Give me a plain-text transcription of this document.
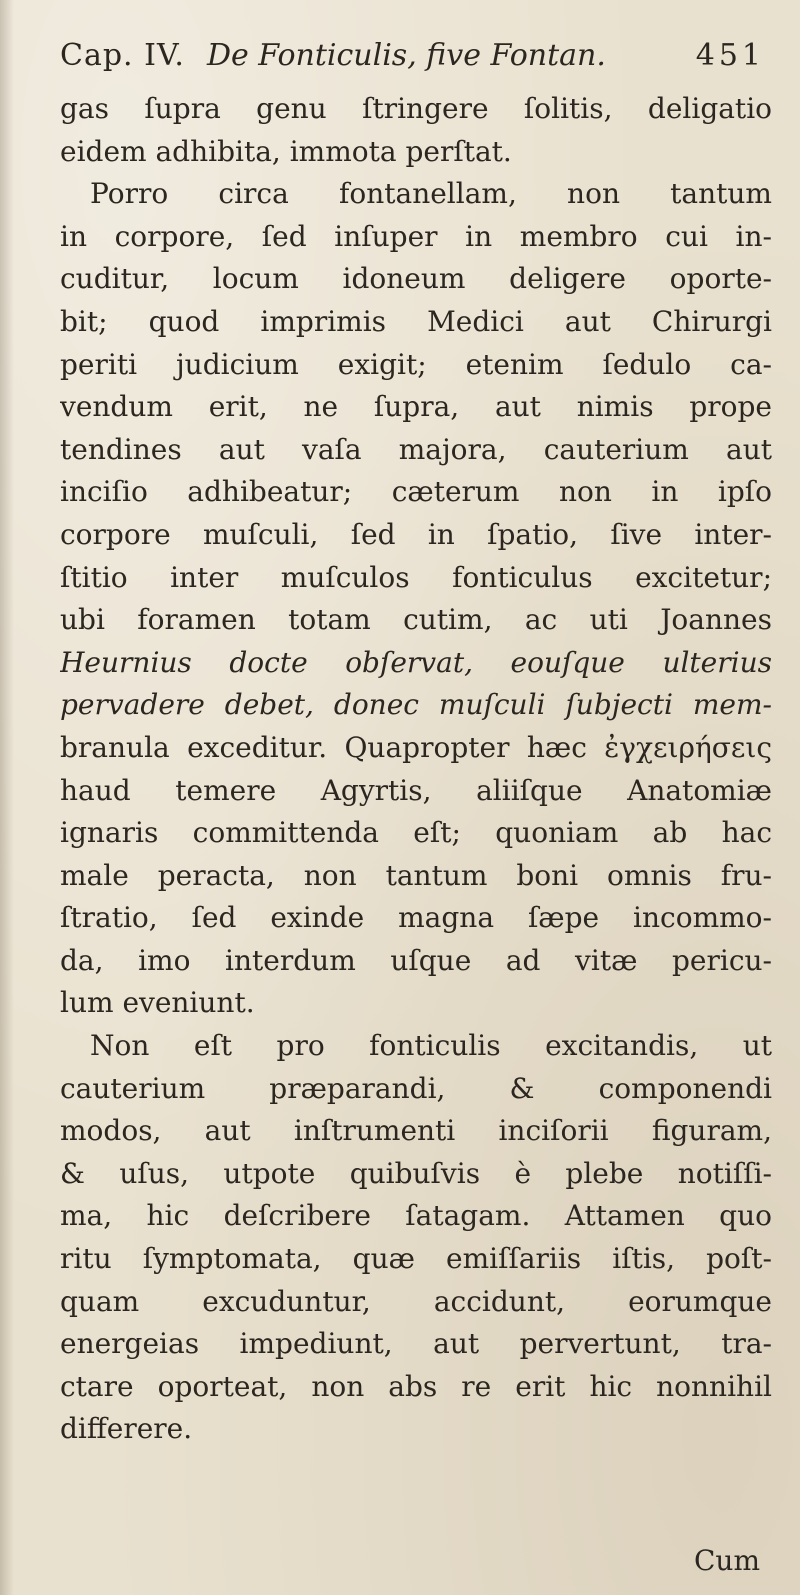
Cap. IV. De Fonticulis, five Fontan.	451
gas ſupra genu ſtringere ſolitis, deligatio
eidem adhibita, immota perſtat.
Porro circa fontanellam, non tantum
in corpore, ſed inſuper in membro cui in-
cuditur, locum idoneum deligere oporte-
bit; quod imprimis Medici aut Chirurgi
periti judicium exigit; etenim ſedulo ca-
vendum erit, ne ſupra, aut nimis prope
tendines aut vaſa majora, cauterium aut
inciſio adhibeatur; cæterum non in ipſo
corpore muſculi, ſed in ſpatio, ſive inter-
ſtitio inter muſculos fonticulus excitetur;
ubi foramen totam cutim, ac uti Joannes
Heurnius docte obſervat, eouſque ulterius
pervadere debet, donec muſculi ſubjecti mem-
branula exceditur. Quapropter hæc ἐγχειρήσεις
haud temere Agyrtis, aliiſque Anatomiæ
ignaris committenda eſt; quoniam ab hac
male peracta, non tantum boni omnis fru-
ſtratio, ſed exinde magna ſæpe incommo-
da, imo interdum uſque ad vitæ pericu-
lum eveniunt.
Non eſt pro fonticulis excitandis, ut
cauterium præparandi, & componendi
modos, aut inſtrumenti inciſorii figuram,
& uſus, utpote quibuſvis è plebe notiſſi-
ma, hic deſcribere ſatagam. Attamen quo
ritu ſymptomata, quæ emiſſariis iſtis, poſt-
quam excuduntur, accidunt, eorumque
energeias impediunt, aut pervertunt, tra-
ctare oporteat, non abs re erit hic nonnihil
differere.
Cum
